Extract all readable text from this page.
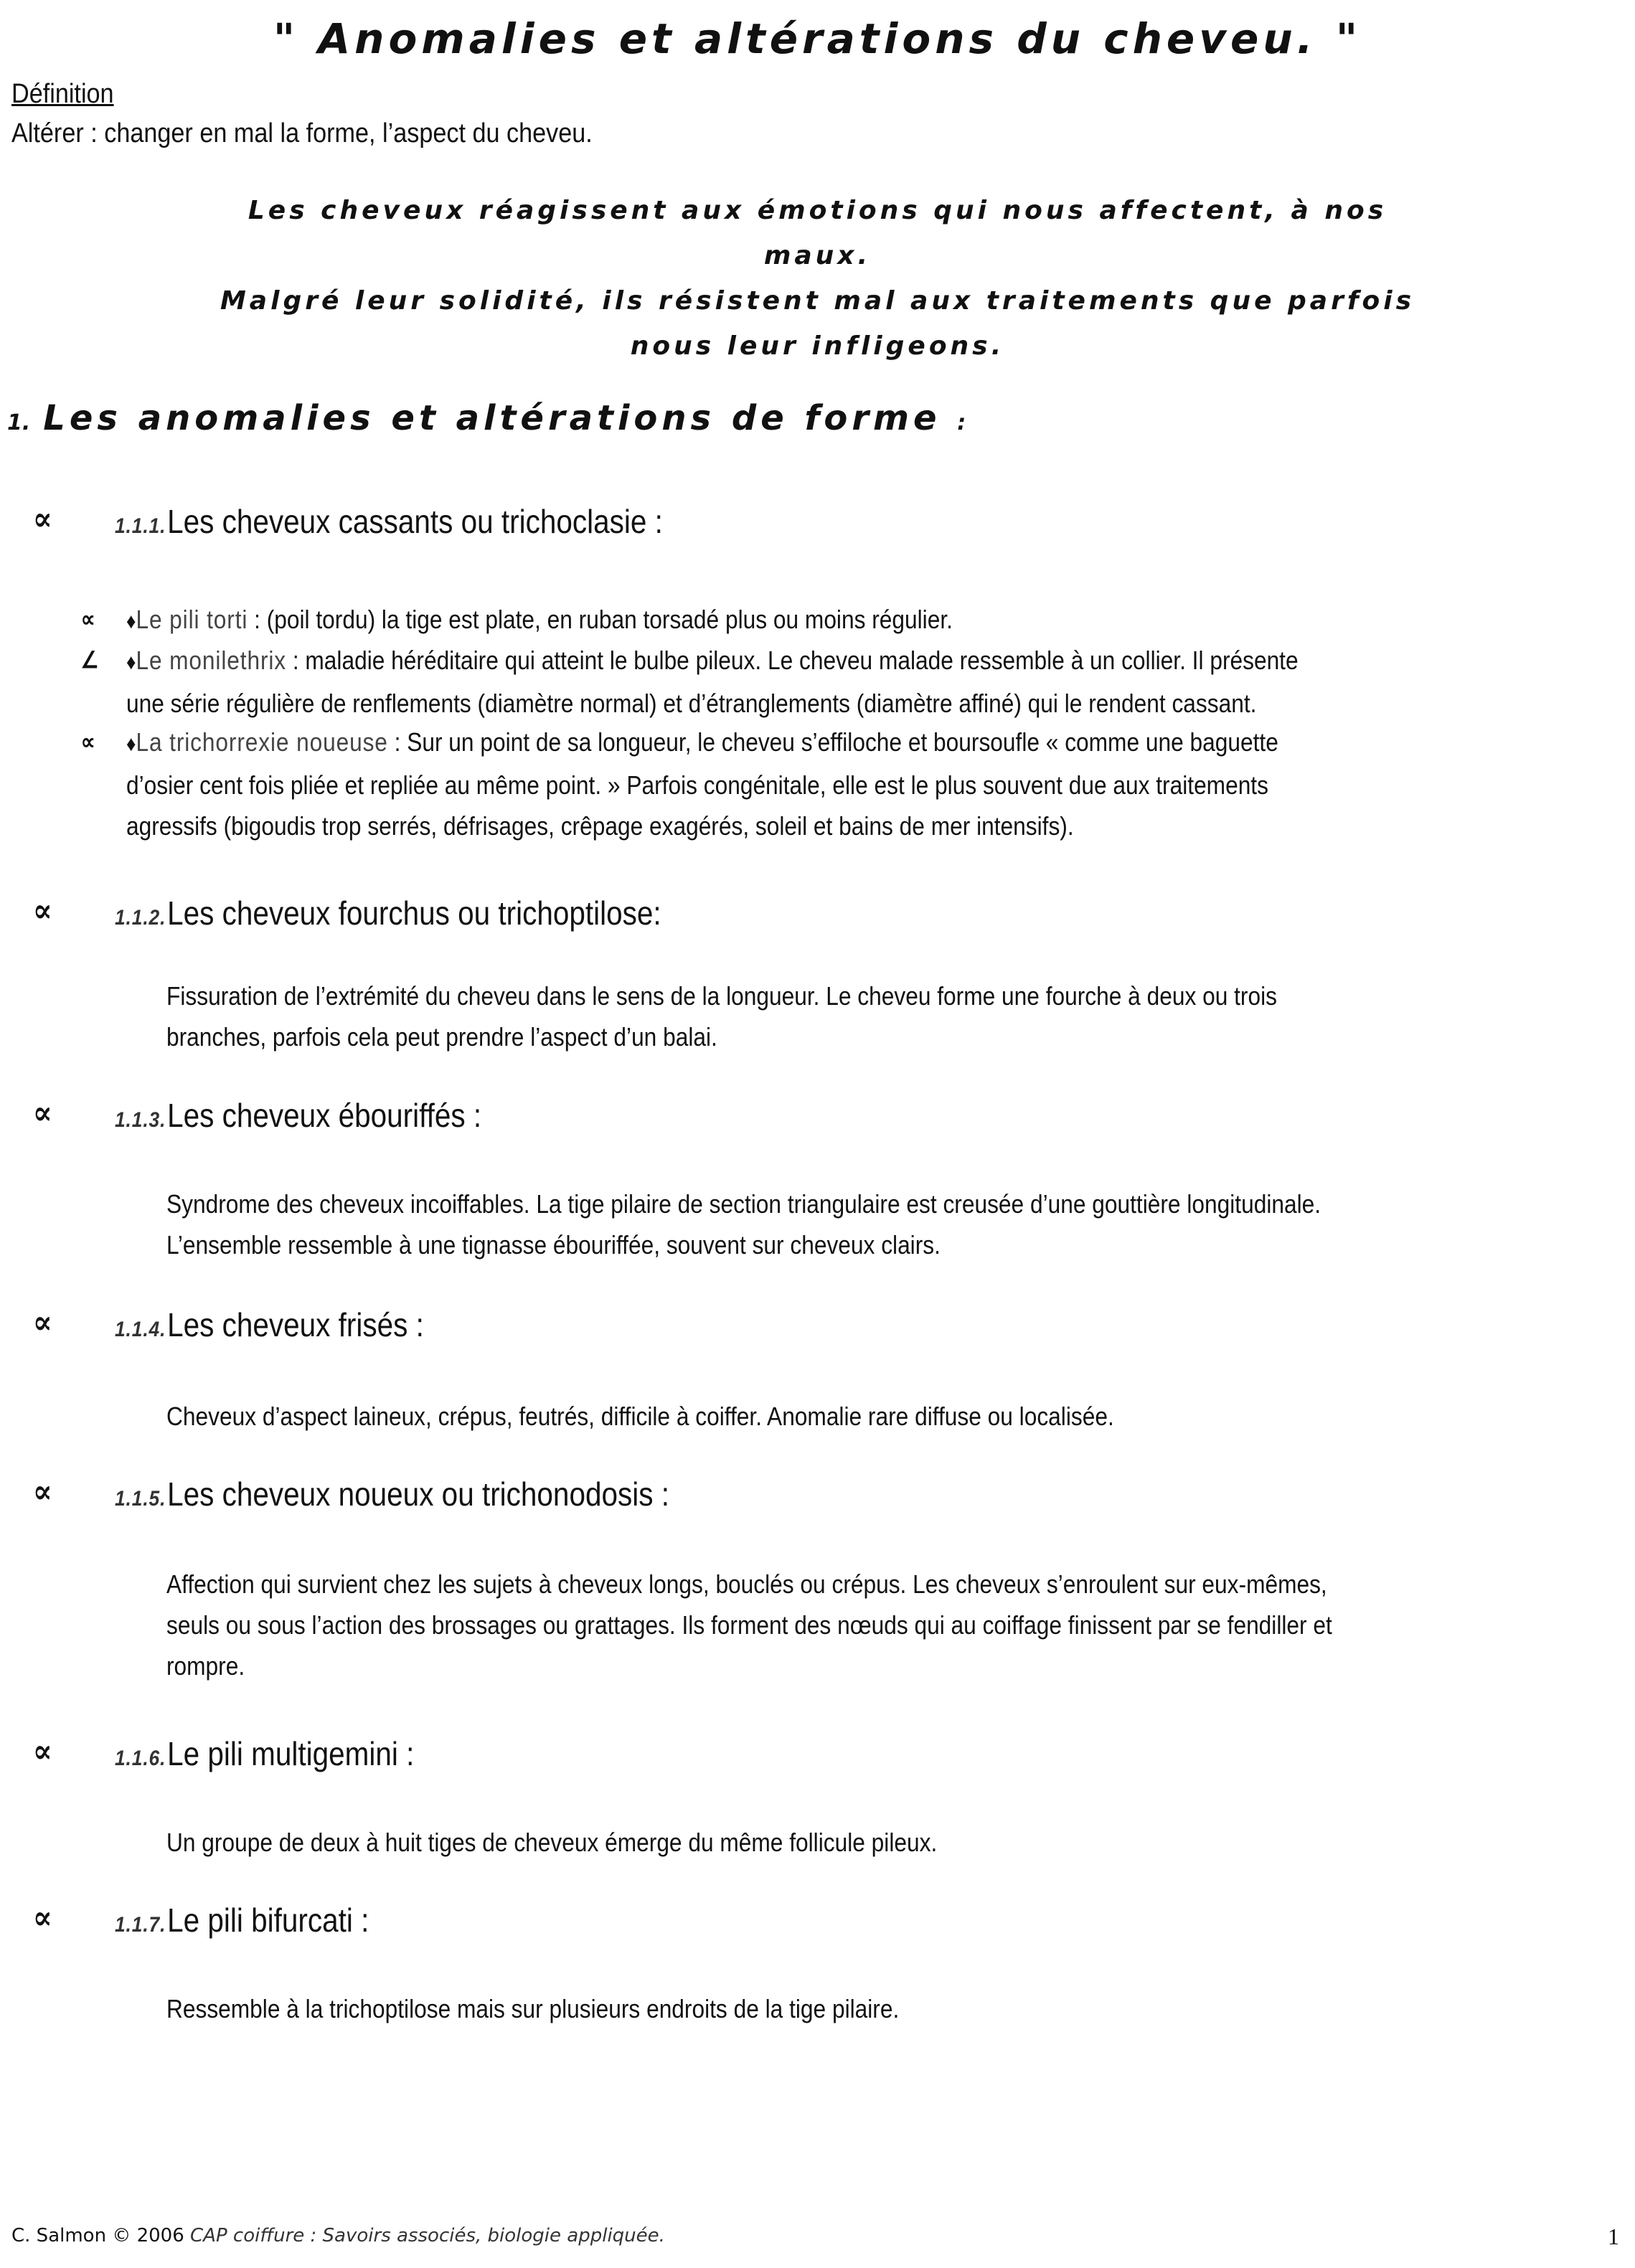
" Anomalies et altérations du cheveu. "
Définition
Altérer : changer en mal la forme, l’aspect du cheveu.
Les cheveux réagissent aux émotions qui nous affectent, à nos
maux.
Malgré leur solidité, ils résistent mal aux traitements que parfois
nous leur infligeons.
1. Les anomalies et altérations de forme :
∝	1.1.1.Les cheveux cassants ou trichoclasie :
∝ ♦Le pili torti : (poil tordu) la tige est plate, en ruban torsadé plus ou moins régulier.
∠ ♦Le monilethrix : maladie héréditaire qui atteint le bulbe pileux. Le cheveu malade ressemble à un collier. Il présente
une série régulière de renflements (diamètre normal) et d’étranglements (diamètre affiné) qui le rendent cassant.
∝ ♦La trichorrexie noueuse : Sur un point de sa longueur, le cheveu s’effiloche et boursoufle « comme une baguette
d’osier cent fois pliée et repliée au même point. » Parfois congénitale, elle est le plus souvent due aux traitements
agressifs (bigoudis trop serrés, défrisages, crêpage exagérés, soleil et bains de mer intensifs).
∝	1.1.2.Les cheveux fourchus ou trichoptilose:
Fissuration de l’extrémité du cheveu dans le sens de la longueur. Le cheveu forme une fourche à deux ou trois
branches, parfois cela peut prendre l’aspect d’un balai.
∝	1.1.3.Les cheveux ébouriffés :
Syndrome des cheveux incoiffables. La tige pilaire de section triangulaire est creusée d’une gouttière longitudinale.
L’ensemble ressemble à une tignasse ébouriffée, souvent sur cheveux clairs.
∝	1.1.4.Les cheveux frisés :
Cheveux d’aspect laineux, crépus, feutrés, difficile à coiffer. Anomalie rare diffuse ou localisée.
∝	1.1.5.Les cheveux noueux ou trichonodosis :
Affection qui survient chez les sujets à cheveux longs, bouclés ou crépus. Les cheveux s’enroulent sur eux-mêmes,
seuls ou sous l’action des brossages ou grattages. Ils forment des nœuds qui au coiffage finissent par se fendiller et
rompre.
∝	1.1.6.Le pili multigemini :
Un groupe de deux à huit tiges de cheveux émerge du même follicule pileux.
∝	1.1.7.Le pili bifurcati :
Ressemble à la trichoptilose mais sur plusieurs endroits de la tige pilaire.
C. Salmon © 2006 CAP coiffure : Savoirs associés, biologie appliquée.	1
